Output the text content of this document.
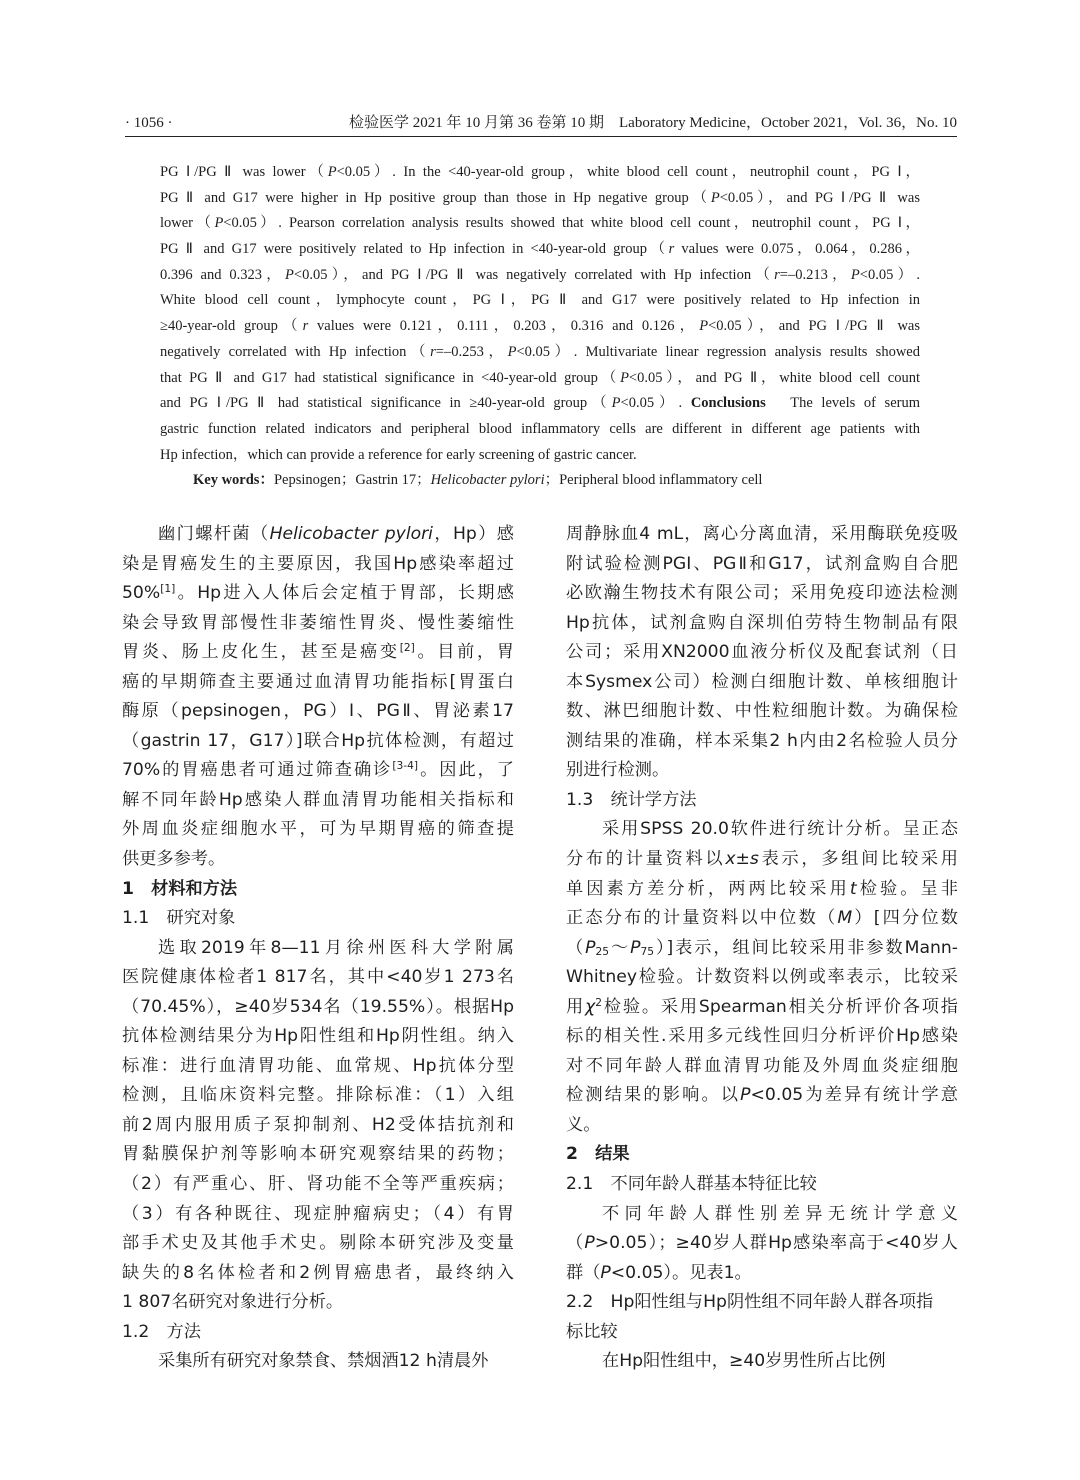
· 1056 ·	检验医学 2021 年 10 月第 36 卷第 10 期　Laboratory Medicine，October 2021，Vol. 36，No. 10
PG Ⅰ/PG Ⅱ was lower（P<0.05）. In the <40-year-old group，white blood cell count，neutrophil count，PG Ⅰ，
PG Ⅱ and G17 were higher in Hp positive group than those in Hp negative group（P<0.05），and PG Ⅰ/PG Ⅱ was
lower（P<0.05）. Pearson correlation analysis results showed that white blood cell count，neutrophil count，PG Ⅰ，
PG Ⅱ and G17 were positively related to Hp infection in <40-year-old group（r values were 0.075，0.064，0.286，
0.396 and 0.323，P<0.05），and PG Ⅰ/PG Ⅱ was negatively correlated with Hp infection（r=–0.213，P<0.05）.
White blood cell count，lymphocyte count，PG Ⅰ，PG Ⅱ and G17 were positively related to Hp infection in
≥40-year-old group（r values were 0.121，0.111，0.203，0.316 and 0.126，P<0.05），and PG Ⅰ/PG Ⅱ was
negatively correlated with Hp infection（r=–0.253，P<0.05）. Multivariate linear regression analysis results showed
that PG Ⅱ and G17 had statistical significance in <40-year-old group（P<0.05），and PG Ⅱ，white blood cell count
and PG Ⅰ/PG Ⅱ had statistical significance in ≥40-year-old group（P<0.05）. Conclusions　The levels of serum
gastric function related indicators and peripheral blood inflammatory cells are different in different age patients with
Hp infection，which can provide a reference for early screening of gastric cancer.
Key words：Pepsinogen；Gastrin 17；Helicobacter pylori；Peripheral blood inflammatory cell
幽门螺杆菌（Helicobacter pylori，Hp）感
染是胃癌发生的主要原因，我国Hp感染率超过
50%[1]。Hp进入人体后会定植于胃部，长期感
染会导致胃部慢性非萎缩性胃炎、慢性萎缩性
胃炎、肠上皮化生，甚至是癌变[2]。目前，胃
癌的早期筛查主要通过血清胃功能指标[胃蛋白
酶原（pepsinogen，PG）Ⅰ、PGⅡ、胃泌素17
（gastrin 17，G17）]联合Hp抗体检测，有超过
70%的胃癌患者可通过筛查确诊[3-4]。因此，了
解不同年龄Hp感染人群血清胃功能相关指标和
外周血炎症细胞水平，可为早期胃癌的筛查提
供更多参考。
1　材料和方法
1.1　研究对象
选取2019年8—11月徐州医科大学附属
医院健康体检者1 817名，其中<40岁1 273名
（70.45%），≥40岁534名（19.55%）。根据Hp
抗体检测结果分为Hp阳性组和Hp阴性组。纳入
标准：进行血清胃功能、血常规、Hp抗体分型
检测，且临床资料完整。排除标准：（1）入组
前2周内服用质子泵抑制剂、H2受体拮抗剂和
胃黏膜保护剂等影响本研究观察结果的药物；
（2）有严重心、肝、肾功能不全等严重疾病；
（3）有各种既往、现症肿瘤病史；（4）有胃
部手术史及其他手术史。剔除本研究涉及变量
缺失的8名体检者和2例胃癌患者，最终纳入
1 807名研究对象进行分析。
1.2　方法
采集所有研究对象禁食、禁烟酒12 h清晨外
周静脉血4 mL，离心分离血清，采用酶联免疫吸
附试验检测PGI、PGⅡ和G17，试剂盒购自合肥
必欧瀚生物技术有限公司；采用免疫印迹法检测
Hp抗体，试剂盒购自深圳伯劳特生物制品有限
公司；采用XN2000血液分析仪及配套试剂（日
本Sysmex公司）检测白细胞计数、单核细胞计
数、淋巴细胞计数、中性粒细胞计数。为确保检
测结果的准确，样本采集2 h内由2名检验人员分
别进行检测。
1.3　统计学方法
采用SPSS 20.0软件进行统计分析。呈正态
分布的计量资料以x±s表示，多组间比较采用
单因素方差分析，两两比较采用t检验。呈非
正态分布的计量资料以中位数（M）[四分位数
$(P_{25}\sim P_{75})$]表示，组间比较采用非参数Mann-
Whitney检验。计数资料以例或率表示，比较采
用$\chi^2$检验。采用Spearman相关分析评价各项指
标的相关性.采用多元线性回归分析评价Hp感染
对不同年龄人群血清胃功能及外周血炎症细胞
检测结果的影响。以P<0.05为差异有统计学意
义。
2　结果
2.1　不同年龄人群基本特征比较
不同年龄人群性别差异无统计学意义
（P>0.05）；≥40岁人群Hp感染率高于<40岁人
群（P<0.05）。见表1。
2.2　Hp阳性组与Hp阴性组不同年龄人群各项指
标比较
在Hp阳性组中，≥40岁男性所占比例
